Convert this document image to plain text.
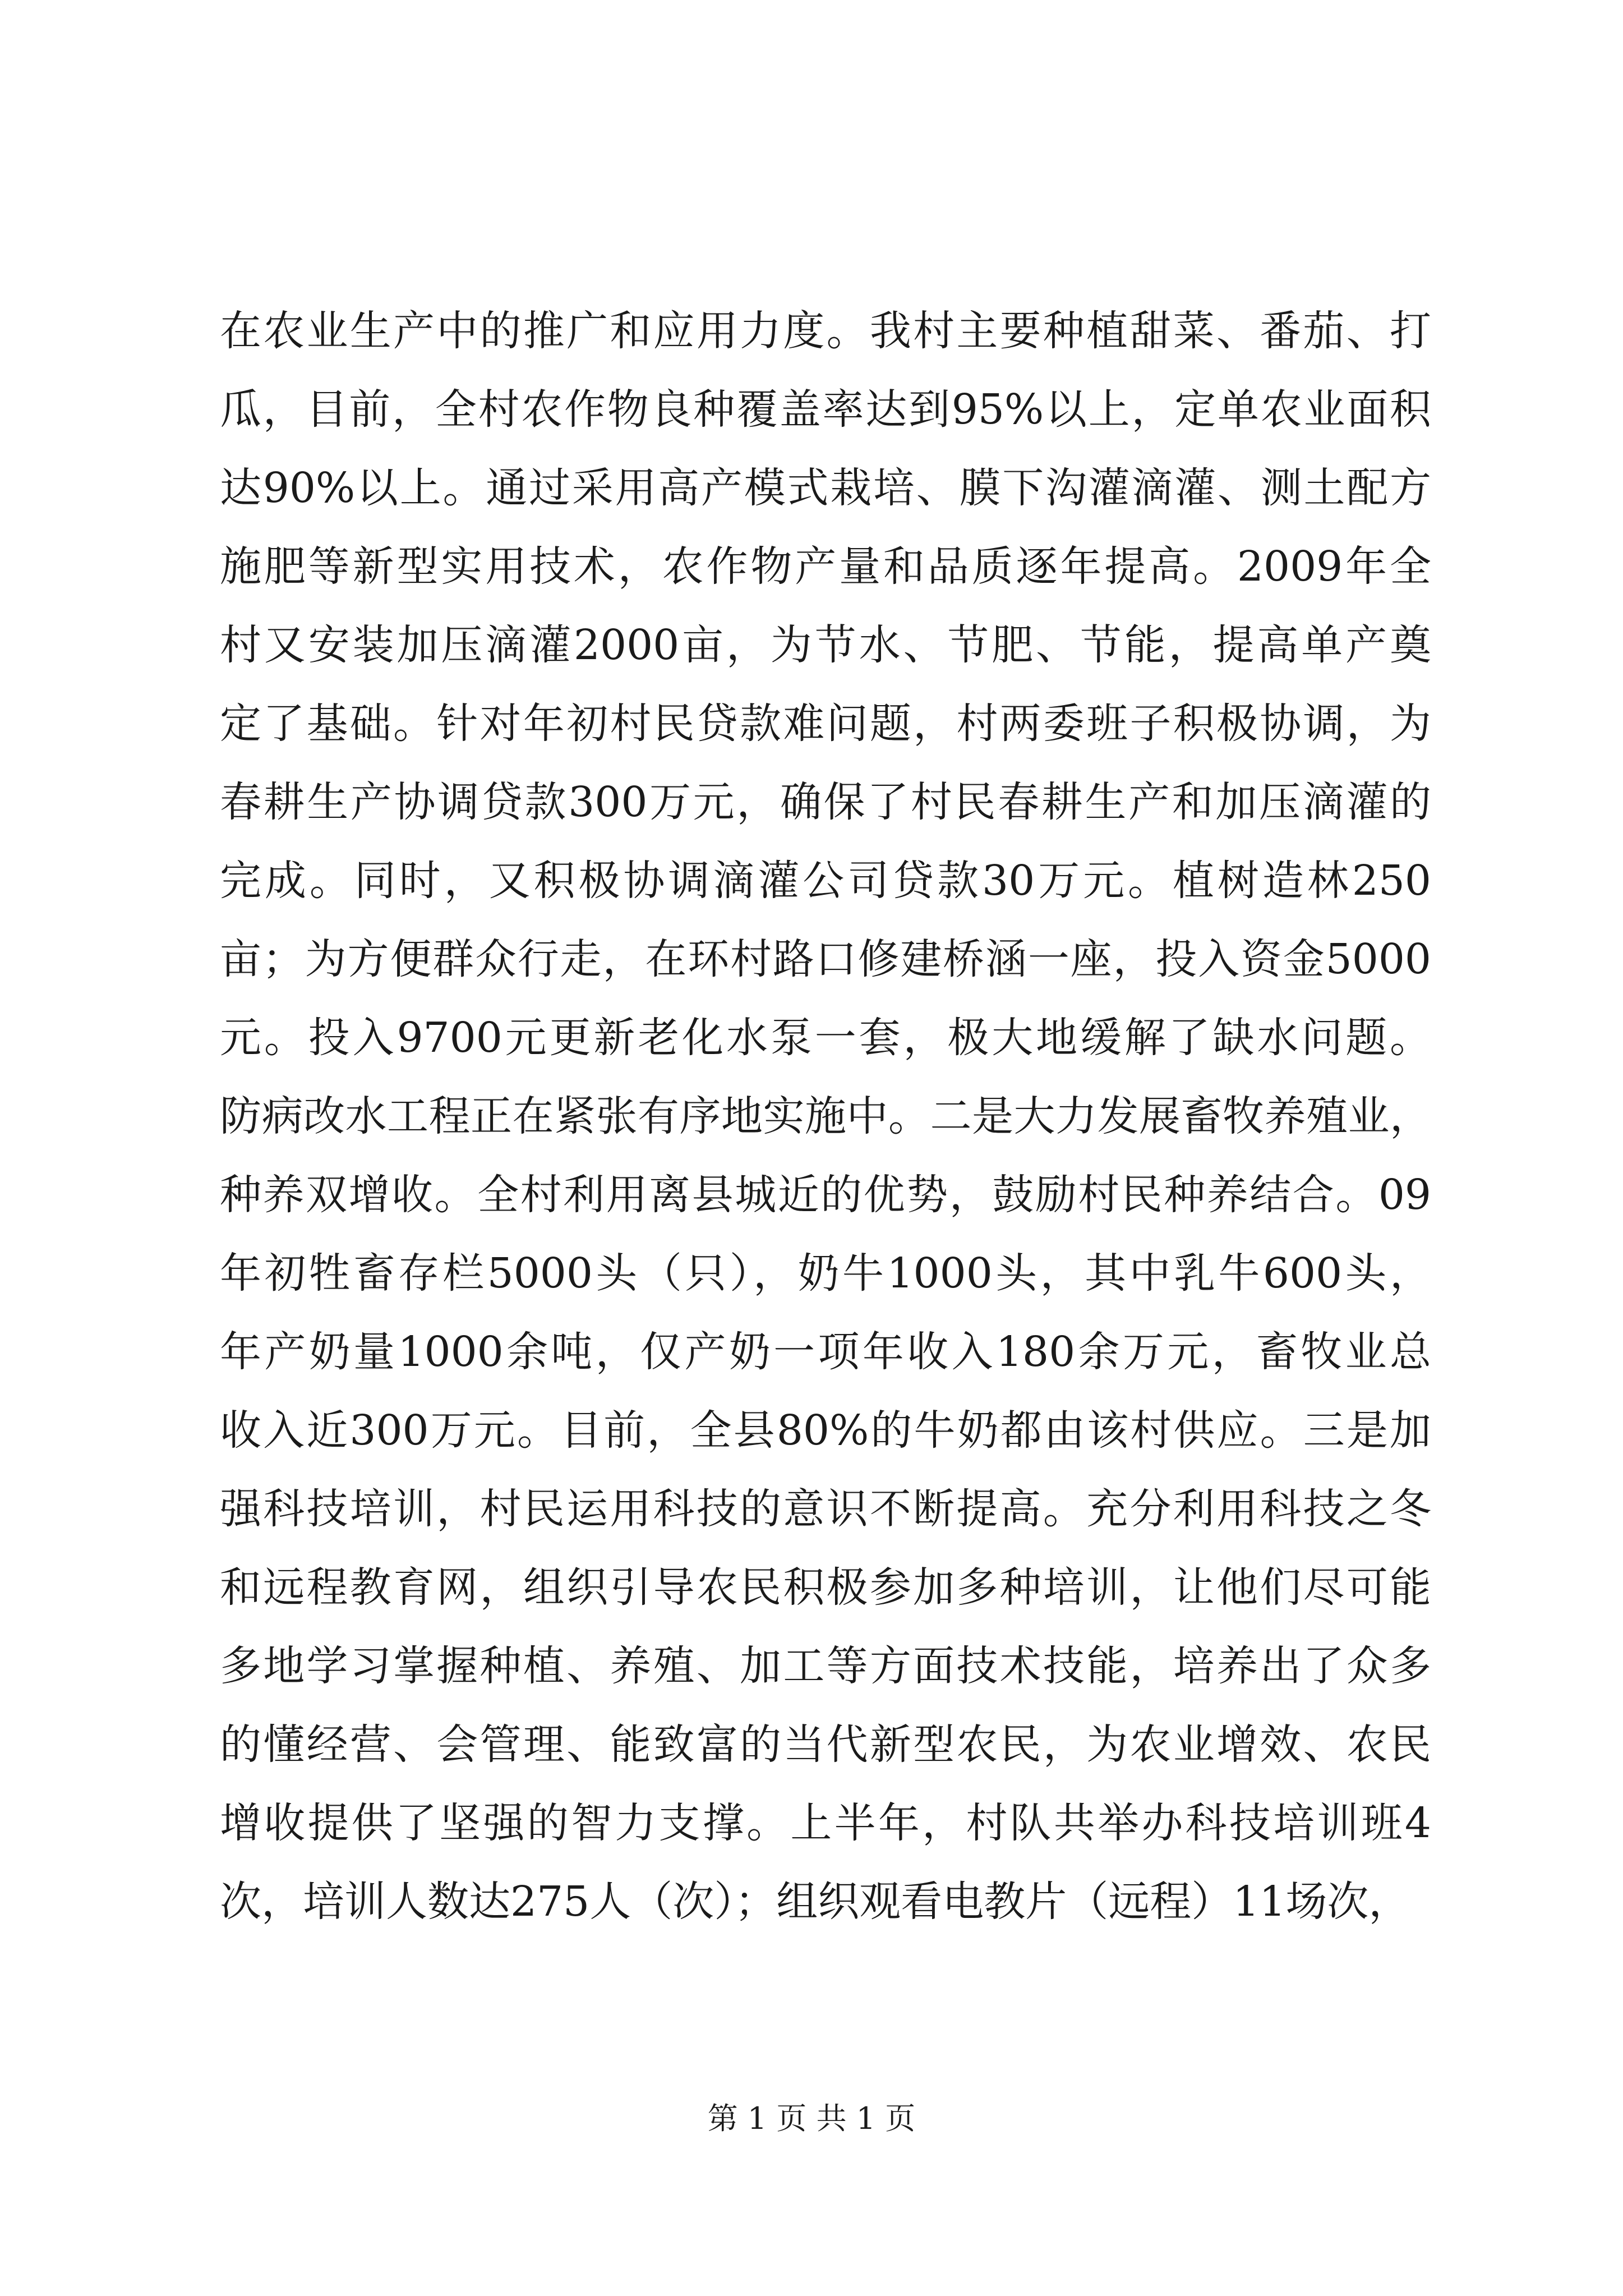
在农业生产中的推广和应用力度。我村主要种植甜菜、番茄、打
瓜，目前，全村农作物良种覆盖率达到95%以上，定单农业面积
达90%以上。通过采用高产模式栽培、膜下沟灌滴灌、测土配方
施肥等新型实用技术，农作物产量和品质逐年提高。2009年全
村又安装加压滴灌2000亩，为节水、节肥、节能，提高单产奠
定了基础。针对年初村民贷款难问题，村两委班子积极协调，为
春耕生产协调贷款300万元，确保了村民春耕生产和加压滴灌的
完成。同时，又积极协调滴灌公司贷款30万元。植树造林250
亩；为方便群众行走，在环村路口修建桥涵一座，投入资金5000
元。投入9700元更新老化水泵一套，极大地缓解了缺水问题。
防病改水工程正在紧张有序地实施中。二是大力发展畜牧养殖业，
种养双增收。全村利用离县城近的优势，鼓励村民种养结合。09
年初牲畜存栏5000头（只），奶牛1000头，其中乳牛600头，
年产奶量1000余吨，仅产奶一项年收入180余万元，畜牧业总
收入近300万元。目前，全县80%的牛奶都由该村供应。三是加
强科技培训，村民运用科技的意识不断提高。充分利用科技之冬
和远程教育网，组织引导农民积极参加多种培训，让他们尽可能
多地学习掌握种植、养殖、加工等方面技术技能，培养出了众多
的懂经营、会管理、能致富的当代新型农民，为农业增效、农民
增收提供了坚强的智力支撑。上半年，村队共举办科技培训班4
次，培训人数达275人（次）；组织观看电教片（远程）11场次，
第 1 页 共 1 页
